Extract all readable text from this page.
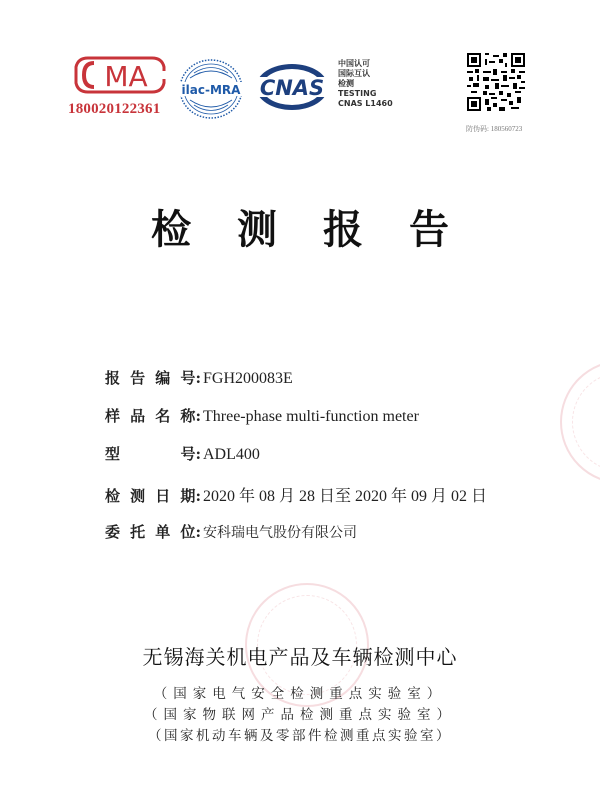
MA
180020122361
ilac-MRA CNAS
中国认可
国际互认
检测
TESTING
CNAS L1460
防伪码: 180560723
检 测 报 告
报 告 编 号: FGH200083E
样 品 名 称: Three-phase multi-function meter
型	号: ADL400
检 测 日 期: 2020 年 08 月 28 日至 2020 年 09 月 02 日
委 托 单 位: 安科瑞电气股份有限公司
无锡海关机电产品及车辆检测中心
（国家电气安全检测重点实验室）
（国家物联网产品检测重点实验室）
（国家机动车辆及零部件检测重点实验室）
